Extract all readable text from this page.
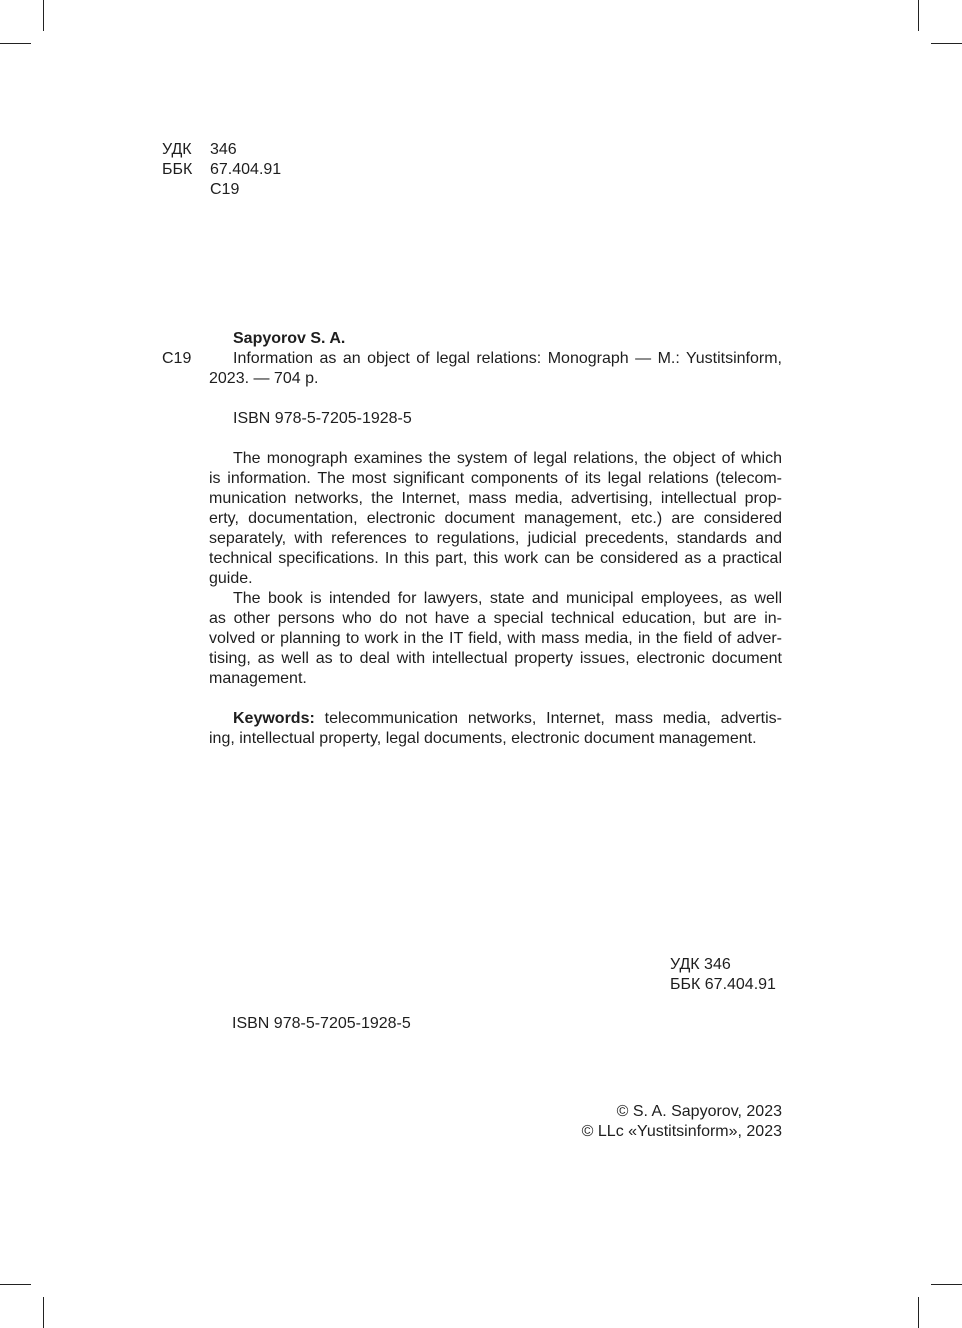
УДК 346
ББК 67.404.91
С19
Sapyorov S. A.
С19	Information as an object of legal relations: Monograph — M.: Yustitsinform,
2023. — 704 p.
ISBN 978-5-7205-1928-5
The monograph examines the system of legal relations, the object of which
is information. The most significant components of its legal relations (telecom-
munication networks, the Internet, mass media, advertising, intellectual prop-
erty, documentation, electronic document management, etc.) are considered
separately, with references to regulations, judicial precedents, standards and
technical specifications. In this part, this work can be considered as a practical
guide.
The book is intended for lawyers, state and municipal employees, as well
as other persons who do not have a special technical education, but are in-
volved or planning to work in the IT field, with mass media, in the field of adver-
tising, as well as to deal with intellectual property issues, electronic document
management.
Keywords: telecommunication networks, Internet, mass media, advertis-
ing, intellectual property, legal documents, electronic document management.
УДК 346
ББК 67.404.91
ISBN 978-5-7205-1928-5
© S. A. Sapyorov, 2023
© LLc «Yustitsinform», 2023
